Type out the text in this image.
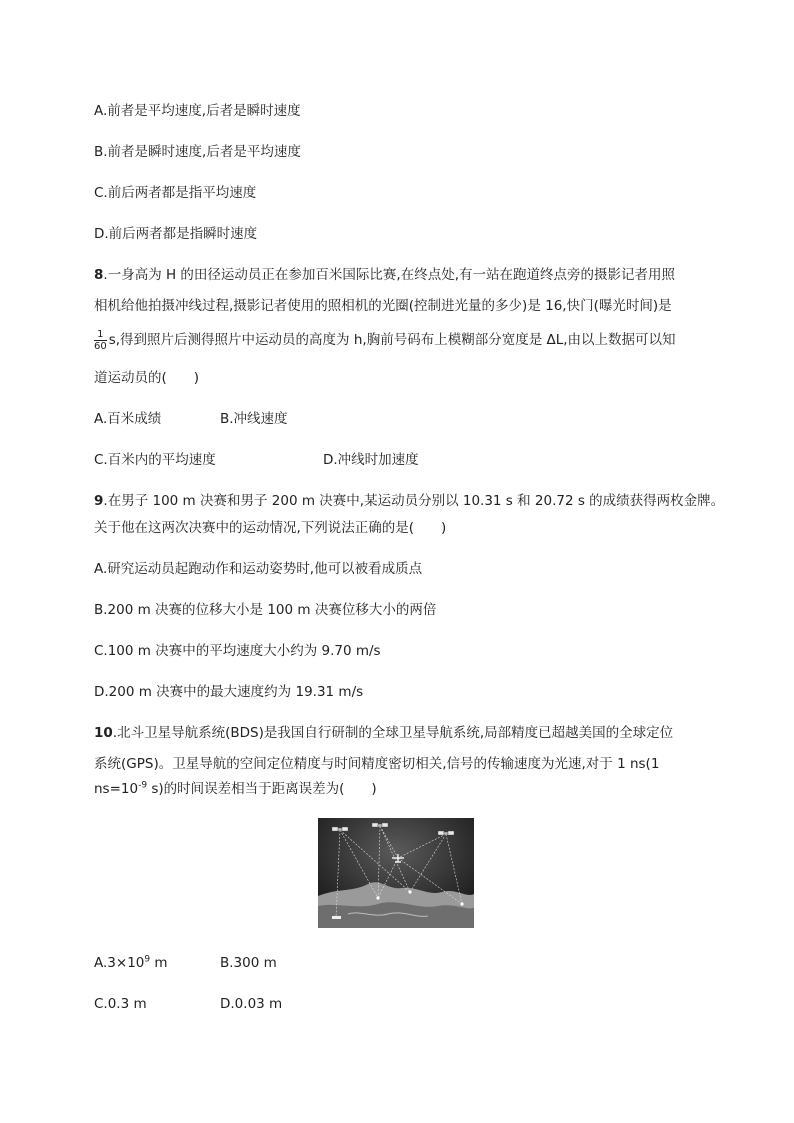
A.前者是平均速度,后者是瞬时速度
B.前者是瞬时速度,后者是平均速度
C.前后两者都是指平均速度
D.前后两者都是指瞬时速度
8.一身高为 H 的田径运动员正在参加百米国际比赛,在终点处,有一站在跑道终点旁的摄影记者用照
相机给他拍摄冲线过程,摄影记者使用的照相机的光圈(控制进光量的多少)是 16,快门(曝光时间)是
$\frac{1}{60} s$,得到照片后测得照片中运动员的高度为 h,胸前号码布上模糊部分宽度是 ΔL,由以上数据可以知
道运动员的(　　)
A.百米成绩	B.冲线速度
C.百米内的平均速度	D.冲线时加速度
9.在男子 100 m 决赛和男子 200 m 决赛中,某运动员分别以 10.31 s 和 20.72 s 的成绩获得两枚金牌。
关于他在这两次决赛中的运动情况,下列说法正确的是(　　)
A.研究运动员起跑动作和运动姿势时,他可以被看成质点
B.200 m 决赛的位移大小是 100 m 决赛位移大小的两倍
C.100 m 决赛中的平均速度大小约为 9.70 m/s
D.200 m 决赛中的最大速度约为 19.31 m/s
10.北斗卫星导航系统(BDS)是我国自行研制的全球卫星导航系统,局部精度已超越美国的全球定位
系统(GPS)。卫星导航的空间定位精度与时间精度密切相关,信号的传输速度为光速,对于 1 ns(1
$ns=10^{-9}$ s)的时间误差相当于距离误差为(　　)
$A.3\times 10^9$ m	B.300 m
C.0.3 m	D.0.03 m
